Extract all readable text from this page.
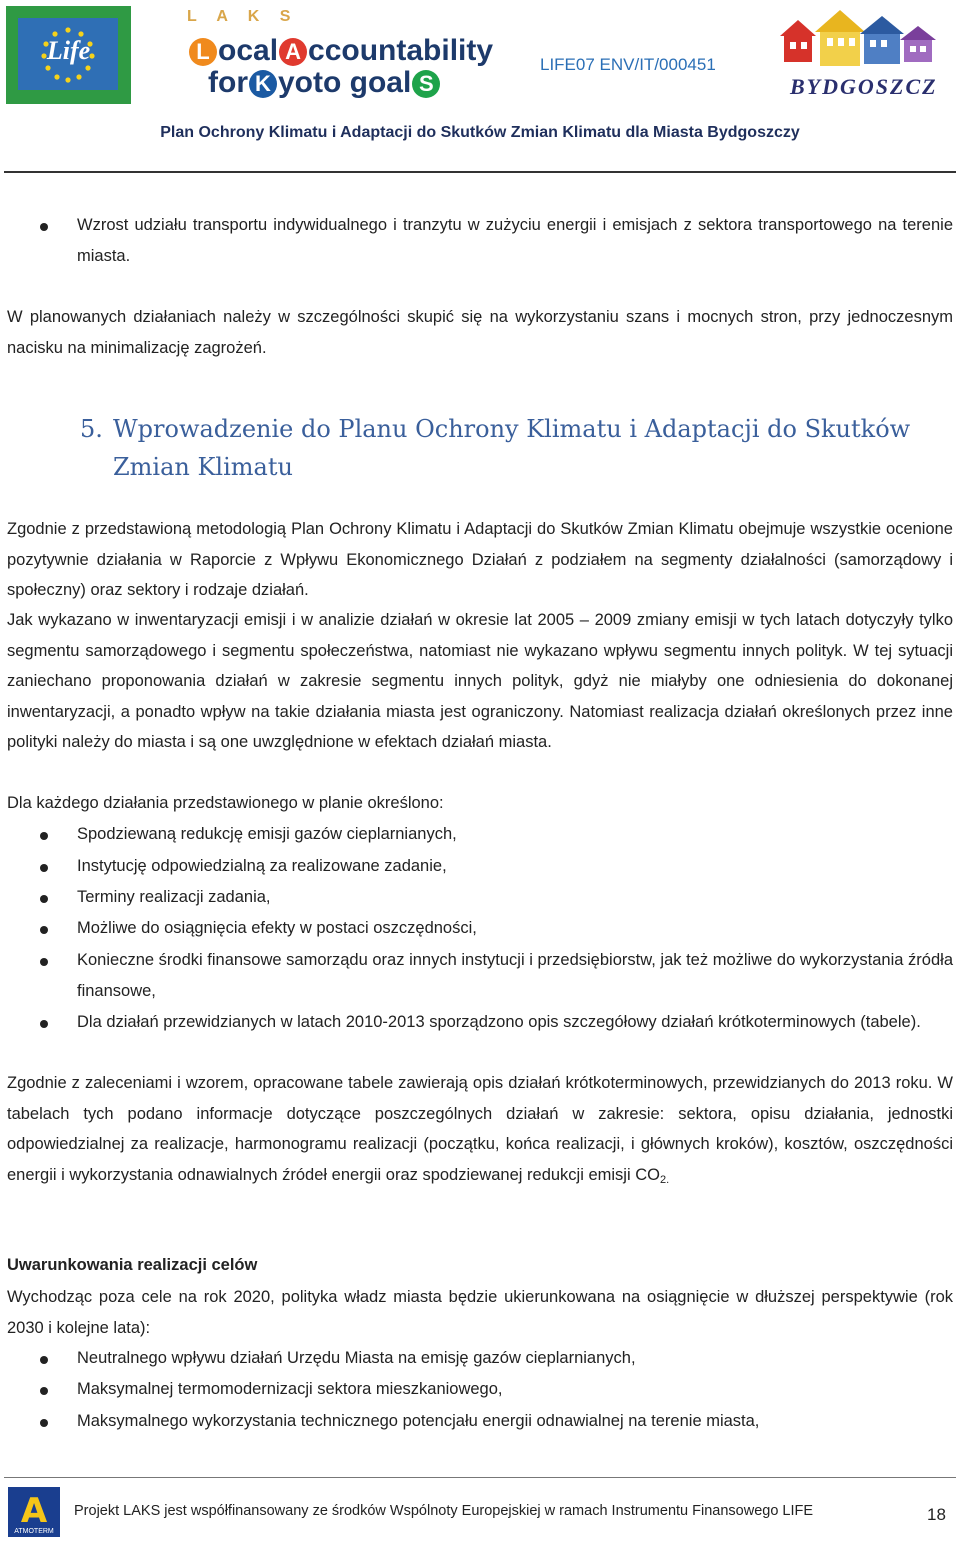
Life
L A K S
L ocal A ccountability
for K yoto goal S
LIFE07 ENV/IT/000451
BYDGOSZCZ
Plan Ochrony Klimatu i Adaptacji do Skutków Zmian Klimatu dla Miasta Bydgoszczy
Wzrost udziału transportu indywidualnego i tranzytu w zużyciu energii i emisjach z sektora transportowego na terenie miasta.
W planowanych działaniach należy w szczególności skupić się na wykorzystaniu szans i mocnych stron, przy jednoczesnym nacisku na minimalizację zagrożeń.
5. Wprowadzenie do Planu Ochrony Klimatu i Adaptacji do Skutków
Zmian Klimatu
Zgodnie z przedstawioną metodologią Plan Ochrony Klimatu i Adaptacji do Skutków Zmian Klimatu obejmuje wszystkie ocenione pozytywnie działania w Raporcie z Wpływu Ekonomicznego Działań z podziałem na segmenty działalności (samorządowy i społeczny) oraz sektory i rodzaje działań.
Jak wykazano w inwentaryzacji emisji i w analizie działań w okresie lat 2005 – 2009 zmiany emisji w tych latach dotyczyły tylko segmentu samorządowego i segmentu społeczeństwa, natomiast nie wykazano wpływu segmentu innych polityk. W tej sytuacji zaniechano proponowania działań w zakresie segmentu innych polityk, gdyż nie miałyby one odniesienia do dokonanej inwentaryzacji, a ponadto wpływ na takie działania miasta jest ograniczony. Natomiast realizacja działań określonych przez inne polityki należy do miasta i są one uwzględnione w efektach działań miasta.
Dla każdego działania przedstawionego w planie określono:
Spodziewaną redukcję emisji gazów cieplarnianych,
Instytucję odpowiedzialną za realizowane zadanie,
Terminy realizacji zadania,
Możliwe do osiągnięcia efekty w postaci oszczędności,
Konieczne środki finansowe samorządu oraz innych instytucji i przedsiębiorstw, jak też możliwe do wykorzystania źródła finansowe,
Dla działań przewidzianych w latach 2010-2013 sporządzono opis szczegółowy działań krótkoterminowych (tabele).
Zgodnie z zaleceniami i wzorem, opracowane tabele zawierają opis działań krótkoterminowych, przewidzianych do 2013 roku. W tabelach tych podano informacje dotyczące poszczególnych działań w zakresie: sektora, opisu działania, jednostki odpowiedzialnej za realizacje, harmonogramu realizacji (początku, końca realizacji, i głównych kroków), kosztów, oszczędności energii i wykorzystania odnawialnych źródeł energii oraz spodziewanej redukcji emisji $CO_{2.}$
Uwarunkowania realizacji celów
Wychodząc poza cele na rok 2020, polityka władz miasta będzie ukierunkowana na osiągnięcie w dłuższej perspektywie (rok 2030 i kolejne lata):
Neutralnego wpływu działań Urzędu Miasta na emisję gazów cieplarnianych,
Maksymalnej termomodernizacji sektora mieszkaniowego,
Maksymalnego wykorzystania technicznego potencjału energii odnawialnej na terenie miasta,
A
ATMOTERM
Projekt LAKS jest współfinansowany ze środków Wspólnoty Europejskiej w ramach Instrumentu Finansowego LIFE	18
